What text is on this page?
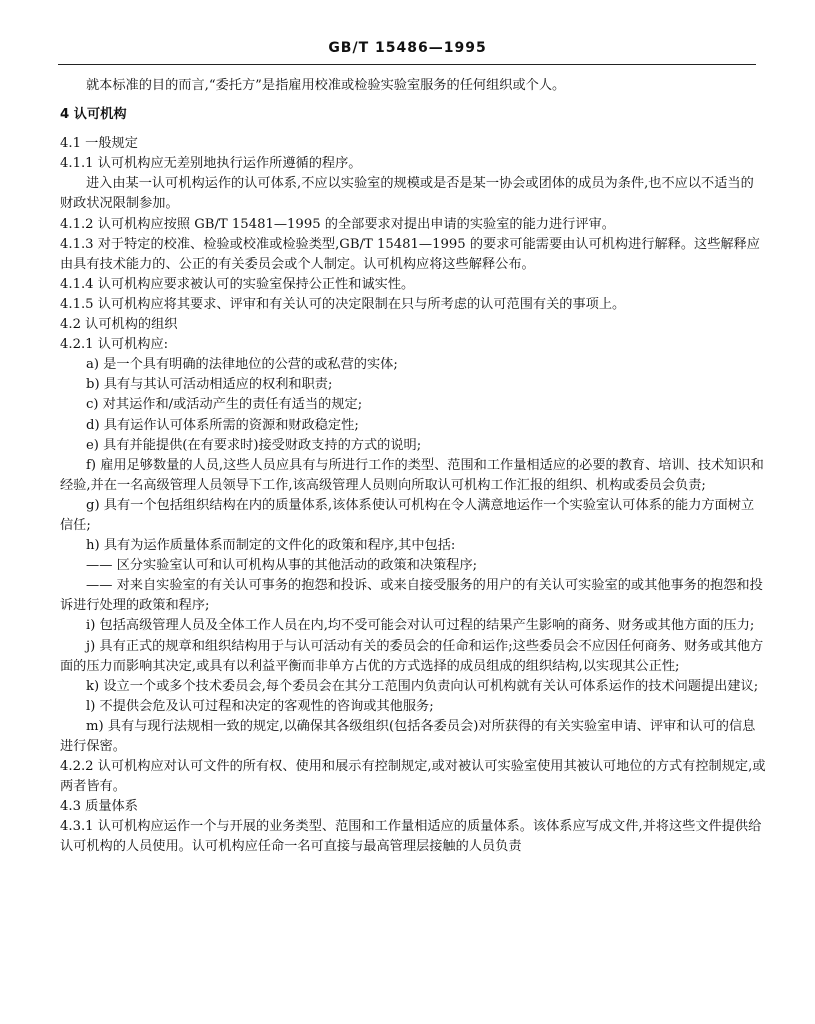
GB/T 15486—1995

就本标准的目的而言,“委托方”是指雇用校准或检验实验室服务的任何组织或个人。

4 认可机构

4.1 一般规定

4.1.1 认可机构应无差别地执行运作所遵循的程序。

进入由某一认可机构运作的认可体系,不应以实验室的规模或是否是某一协会或团体的成员为条件,也不应以不适当的财政状况限制参加。

4.1.2 认可机构应按照 GB/T 15481—1995 的全部要求对提出申请的实验室的能力进行评审。

4.1.3 对于特定的校准、检验或校准或检验类型,GB/T 15481—1995 的要求可能需要由认可机构进行解释。这些解释应由具有技术能力的、公正的有关委员会或个人制定。认可机构应将这些解释公布。

4.1.4 认可机构应要求被认可的实验室保持公正性和诚实性。

4.1.5 认可机构应将其要求、评审和有关认可的决定限制在只与所考虑的认可范围有关的事项上。

4.2 认可机构的组织

4.2.1 认可机构应:

a) 是一个具有明确的法律地位的公营的或私营的实体;

b) 具有与其认可活动相适应的权利和职责;

c) 对其运作和/或活动产生的责任有适当的规定;

d) 具有运作认可体系所需的资源和财政稳定性;

e) 具有并能提供(在有要求时)接受财政支持的方式的说明;

f) 雇用足够数量的人员,这些人员应具有与所进行工作的类型、范围和工作量相适应的必要的教育、培训、技术知识和经验,并在一名高级管理人员领导下工作,该高级管理人员则向所取认可机构工作汇报的组织、机构或委员会负责;

g) 具有一个包括组织结构在内的质量体系,该体系使认可机构在令人满意地运作一个实验室认可体系的能力方面树立信任;

h) 具有为运作质量体系而制定的文件化的政策和程序,其中包括:

—— 区分实验室认可和认可机构从事的其他活动的政策和决策程序;

—— 对来自实验室的有关认可事务的抱怨和投诉、或来自接受服务的用户的有关认可实验室的或其他事务的抱怨和投诉进行处理的政策和程序;

i) 包括高级管理人员及全体工作人员在内,均不受可能会对认可过程的结果产生影响的商务、财务或其他方面的压力;

j) 具有正式的规章和组织结构用于与认可活动有关的委员会的任命和运作;这些委员会不应因任何商务、财务或其他方面的压力而影响其决定,或具有以利益平衡而非单方占优的方式选择的成员组成的组织结构,以实现其公正性;

k) 设立一个或多个技术委员会,每个委员会在其分工范围内负责向认可机构就有关认可体系运作的技术问题提出建议;

l) 不提供会危及认可过程和决定的客观性的咨询或其他服务;

m) 具有与现行法规相一致的规定,以确保其各级组织(包括各委员会)对所获得的有关实验室申请、评审和认可的信息进行保密。

4.2.2 认可机构应对认可文件的所有权、使用和展示有控制规定,或对被认可实验室使用其被认可地位的方式有控制规定,或两者皆有。

4.3 质量体系

4.3.1 认可机构应运作一个与开展的业务类型、范围和工作量相适应的质量体系。该体系应写成文件,并将这些文件提供给认可机构的人员使用。认可机构应任命一名可直接与最高管理层接触的人员负责
